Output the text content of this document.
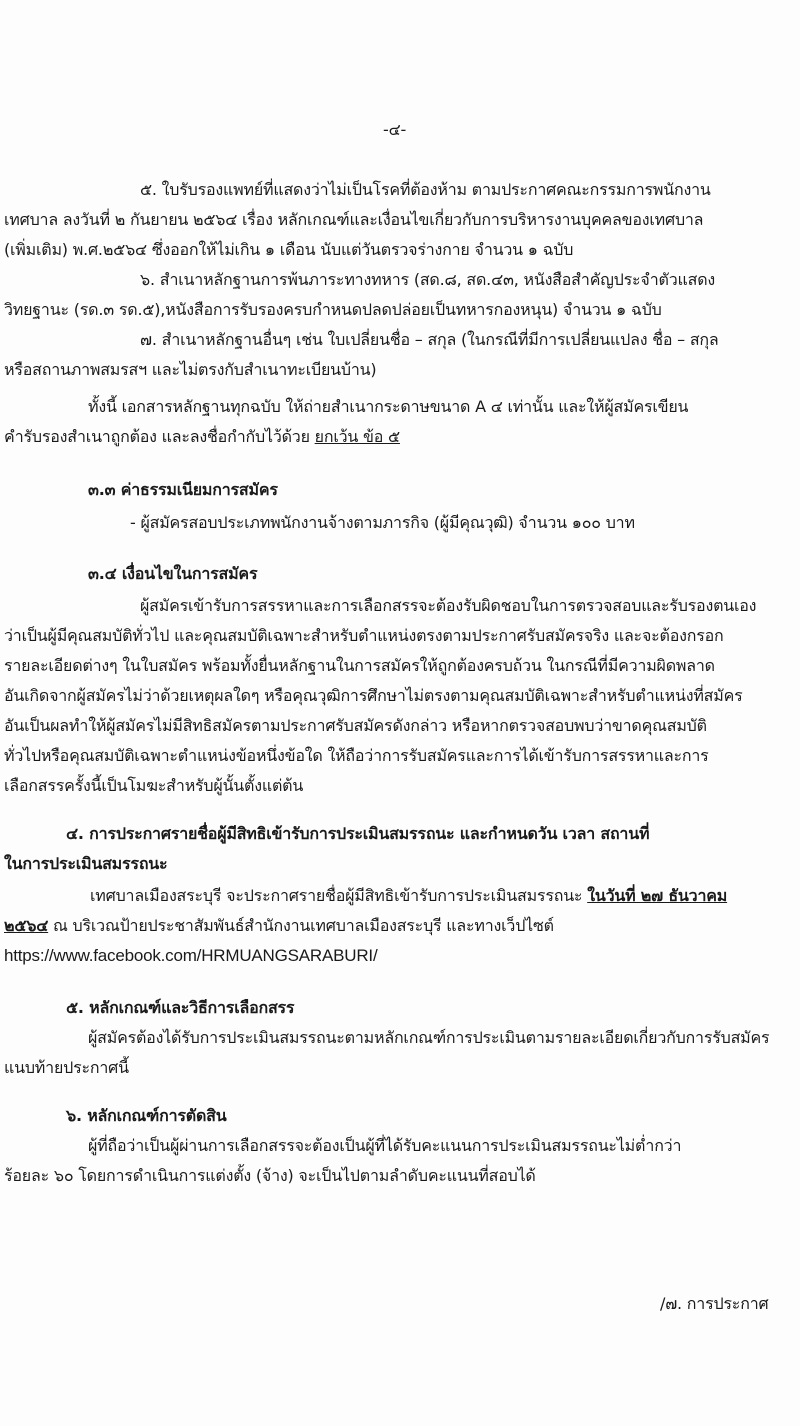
-๔-
๕. ใบรับรองแพทย์ที่แสดงว่าไม่เป็นโรคที่ต้องห้าม ตามประกาศคณะกรรมการพนักงาน
เทศบาล ลงวันที่ ๒ กันยายน ๒๕๖๔ เรื่อง หลักเกณฑ์และเงื่อนไขเกี่ยวกับการบริหารงานบุคคลของเทศบาล
(เพิ่มเติม) พ.ศ.๒๕๖๔ ซึ่งออกให้ไม่เกิน ๑ เดือน นับแต่วันตรวจร่างกาย จำนวน ๑ ฉบับ
๖. สำเนาหลักฐานการพ้นภาระทางทหาร (สด.๘, สด.๔๓, หนังสือสำคัญประจำตัวแสดง
วิทยฐานะ (รด.๓ รด.๕),หนังสือการรับรองครบกำหนดปลดปล่อยเป็นทหารกองหนุน) จำนวน ๑ ฉบับ
๗. สำเนาหลักฐานอื่นๆ เช่น ใบเปลี่ยนชื่อ – สกุล (ในกรณีที่มีการเปลี่ยนแปลง ชื่อ – สกุล
หรือสถานภาพสมรสฯ และไม่ตรงกับสำเนาทะเบียนบ้าน)
ทั้งนี้ เอกสารหลักฐานทุกฉบับ ให้ถ่ายสำเนากระดาษขนาด A ๔ เท่านั้น และให้ผู้สมัครเขียน
คำรับรองสำเนาถูกต้อง และลงชื่อกำกับไว้ด้วย ยกเว้น ข้อ ๕
๓.๓ ค่าธรรมเนียมการสมัคร
- ผู้สมัครสอบประเภทพนักงานจ้างตามภารกิจ (ผู้มีคุณวุฒิ) จำนวน ๑๐๐ บาท
๓.๔ เงื่อนไขในการสมัคร
ผู้สมัครเข้ารับการสรรหาและการเลือกสรรจะต้องรับผิดชอบในการตรวจสอบและรับรองตนเอง
ว่าเป็นผู้มีคุณสมบัติทั่วไป และคุณสมบัติเฉพาะสำหรับตำแหน่งตรงตามประกาศรับสมัครจริง และจะต้องกรอก
รายละเอียดต่างๆ ในใบสมัคร พร้อมทั้งยื่นหลักฐานในการสมัครให้ถูกต้องครบถ้วน ในกรณีที่มีความผิดพลาด
อันเกิดจากผู้สมัครไม่ว่าด้วยเหตุผลใดๆ หรือคุณวุฒิการศึกษาไม่ตรงตามคุณสมบัติเฉพาะสำหรับตำแหน่งที่สมัคร
อันเป็นผลทำให้ผู้สมัครไม่มีสิทธิสมัครตามประกาศรับสมัครดังกล่าว หรือหากตรวจสอบพบว่าขาดคุณสมบัติ
ทั่วไปหรือคุณสมบัติเฉพาะตำแหน่งข้อหนึ่งข้อใด ให้ถือว่าการรับสมัครและการได้เข้ารับการสรรหาและการ
เลือกสรรครั้งนี้เป็นโมฆะสำหรับผู้นั้นตั้งแต่ต้น
๔. การประกาศรายชื่อผู้มีสิทธิเข้ารับการประเมินสมรรถนะ และกำหนดวัน เวลา สถานที่
ในการประเมินสมรรถนะ
เทศบาลเมืองสระบุรี จะประกาศรายชื่อผู้มีสิทธิเข้ารับการประเมินสมรรถนะ ในวันที่ ๒๗ ธันวาคม
๒๕๖๔ ณ บริเวณป้ายประชาสัมพันธ์สำนักงานเทศบาลเมืองสระบุรี และทางเว็ปไซต์
https://www.facebook.com/HRMUANGSARABURI/
๕. หลักเกณฑ์และวิธีการเลือกสรร
ผู้สมัครต้องได้รับการประเมินสมรรถนะตามหลักเกณฑ์การประเมินตามรายละเอียดเกี่ยวกับการรับสมัคร
แนบท้ายประกาศนี้
๖. หลักเกณฑ์การตัดสิน
ผู้ที่ถือว่าเป็นผู้ผ่านการเลือกสรรจะต้องเป็นผู้ที่ได้รับคะแนนการประเมินสมรรถนะไม่ต่ำกว่า
ร้อยละ ๖๐ โดยการดำเนินการแต่งตั้ง (จ้าง) จะเป็นไปตามลำดับคะแนนที่สอบได้
/๗. การประกาศ
